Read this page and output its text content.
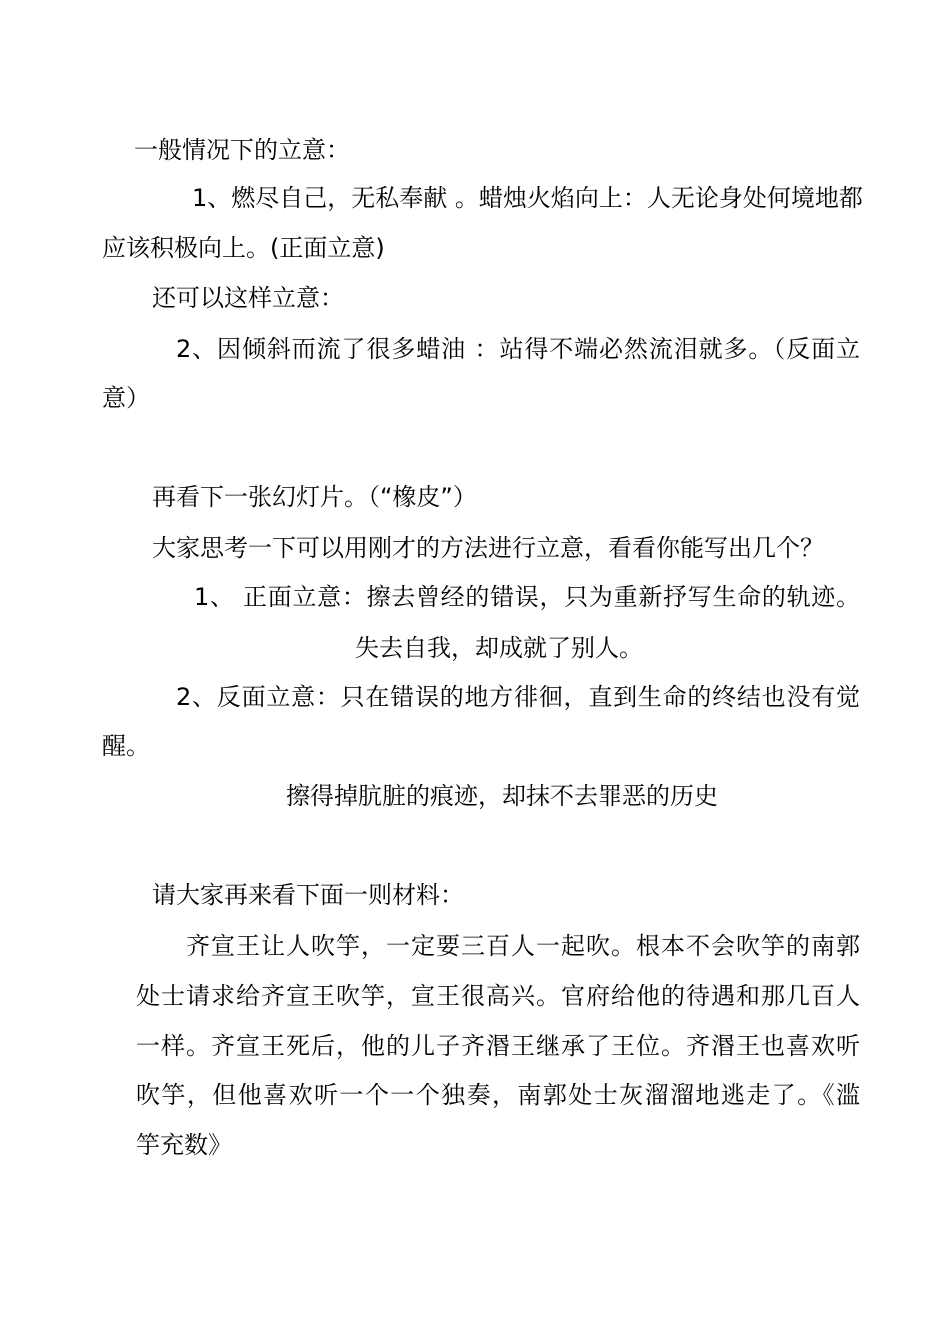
一般情况下的立意：
1、燃尽自己，无私奉献 。蜡烛火焰向上：人无论身处何境地都
应该积极向上。(正面立意)
还可以这样立意：
2、因倾斜而流了很多蜡油 ：站得不端必然流泪就多。（反面立
意）
再看下一张幻灯片。（“橡皮”）
大家思考一下可以用刚才的方法进行立意，看看你能写出几个？
1、 正面立意：擦去曾经的错误，只为重新抒写生命的轨迹。
失去自我，却成就了别人。
2、反面立意：只在错误的地方徘徊，直到生命的终结也没有觉
醒。
擦得掉肮脏的痕迹，却抹不去罪恶的历史
请大家再来看下面一则材料：
齐宣王让人吹竽，一定要三百人一起吹。根本不会吹竽的南郭
处士请求给齐宣王吹竽，宣王很高兴。官府给他的待遇和那几百人
一样。齐宣王死后，他的儿子齐湣王继承了王位。齐湣王也喜欢听
吹竽，但他喜欢听一个一个独奏，南郭处士灰溜溜地逃走了。《滥
竽充数》
